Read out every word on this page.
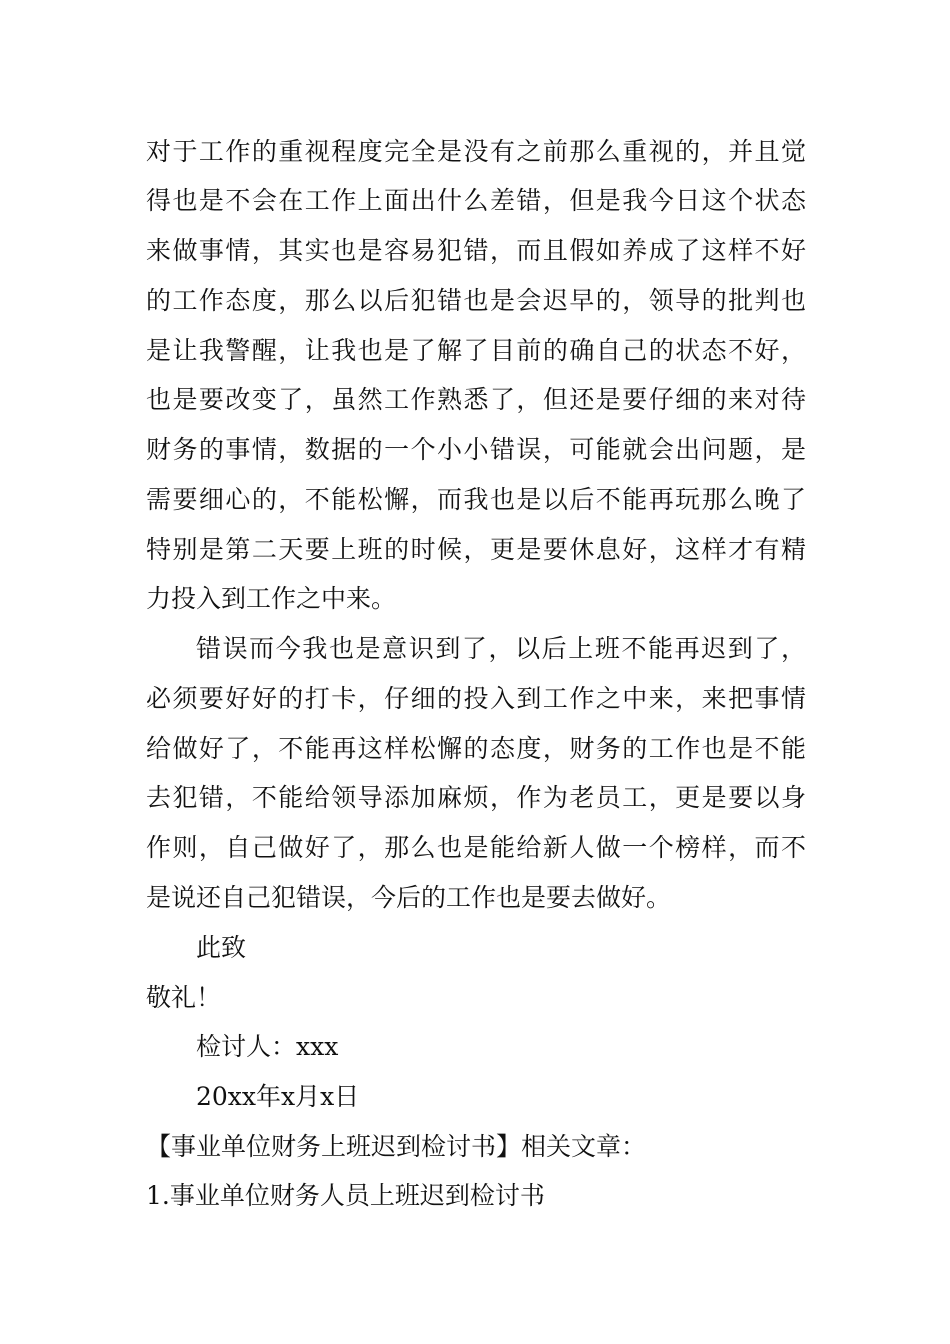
对于工作的重视程度完全是没有之前那么重视的，并且觉
得也是不会在工作上面出什么差错，但是我今日这个状态
来做事情，其实也是容易犯错，而且假如养成了这样不好
的工作态度，那么以后犯错也是会迟早的，领导的批判也
是让我警醒，让我也是了解了目前的确自己的状态不好，
也是要改变了，虽然工作熟悉了，但还是要仔细的来对待
财务的事情，数据的一个小小错误，可能就会出问题，是
需要细心的，不能松懈，而我也是以后不能再玩那么晚了
特别是第二天要上班的时候，更是要休息好，这样才有精
力投入到工作之中来。
错误而今我也是意识到了，以后上班不能再迟到了，
必须要好好的打卡，仔细的投入到工作之中来，来把事情
给做好了，不能再这样松懈的态度，财务的工作也是不能
去犯错，不能给领导添加麻烦，作为老员工，更是要以身
作则，自己做好了，那么也是能给新人做一个榜样，而不
是说还自己犯错误，今后的工作也是要去做好。
此致
敬礼！
检讨人：xxx
20xx年x月x日
【事业单位财务上班迟到检讨书】相关文章：
1.事业单位财务人员上班迟到检讨书
